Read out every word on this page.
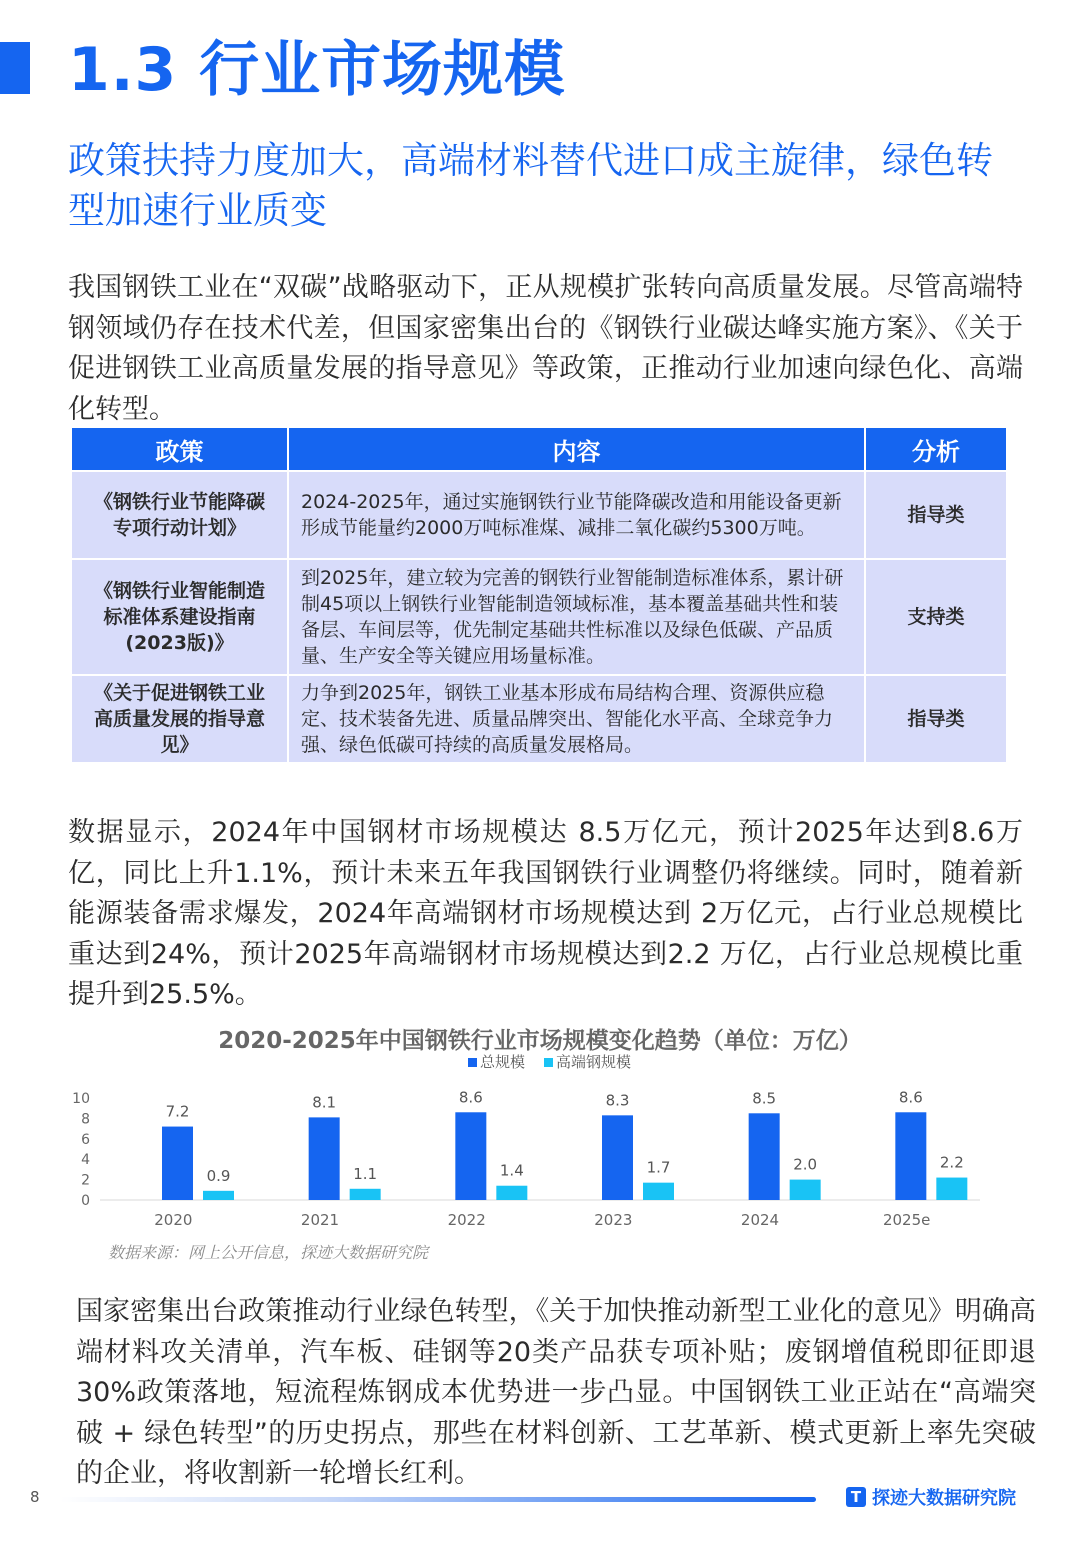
1.3 行业市场规模
政策扶持力度加大，高端材料替代进口成主旋律，绿色转型加速行业质变
我国钢铁工业在“双碳”战略驱动下，正从规模扩张转向高质量发展。尽管高端特钢领域仍存在技术代差，但国家密集出台的《钢铁行业碳达峰实施方案》、《关于促进钢铁工业高质量发展的指导意见》等政策，正推动行业加速向绿色化、高端化转型。
政策	内容	分析
《钢铁行业节能降碳专项行动计划》	2024-2025年，通过实施钢铁行业节能降碳改造和用能设备更新形成节能量约2000万吨标准煤、减排二氧化碳约5300万吨。	指导类
《钢铁行业智能制造标准体系建设指南(2023版)》	到2025年，建立较为完善的钢铁行业智能制造标准体系，累计研制45项以上钢铁行业智能制造领域标准，基本覆盖基础共性和装备层、车间层等，优先制定基础共性标准以及绿色低碳、产品质量、生产安全等关键应用场量标准。	支持类
《关于促进钢铁工业高质量发展的指导意见》	力争到2025年，钢铁工业基本形成布局结构合理、资源供应稳定、技术装备先进、质量品牌突出、智能化水平高、全球竞争力强、绿色低碳可持续的高质量发展格局。	指导类
数据显示，2024年中国钢材市场规模达 8.5万亿元，预计2025年达到8.6万亿，同比上升1.1%，预计未来五年我国钢铁行业调整仍将继续。同时，随着新能源装备需求爆发，2024年高端钢材市场规模达到 2万亿元，占行业总规模比重达到24%，预计2025年高端钢材市场规模达到2.2 万亿，占行业总规模比重提升到25.5%。
2020-2025年中国钢铁行业市场规模变化趋势（单位：万亿）
总规模 高端钢规模
0
2
4
6
8
10
2020
7.2
0.9
2021
8.1
1.1
2022
8.6
1.4
2023
8.3
1.7
2024
8.5
2.0
2025e
8.6
2.2
数据来源：网上公开信息，探迹大数据研究院
国家密集出台政策推动行业绿色转型，《关于加快推动新型工业化的意见》明确高端材料攻关清单，汽车板、硅钢等20类产品获专项补贴；废钢增值税即征即退30%政策落地，短流程炼钢成本优势进一步凸显。中国钢铁工业正站在“高端突破 + 绿色转型”的历史拐点，那些在材料创新、工艺革新、模式更新上率先突破的企业，将收割新一轮增长红利。
8	T 探迹大数据研究院
